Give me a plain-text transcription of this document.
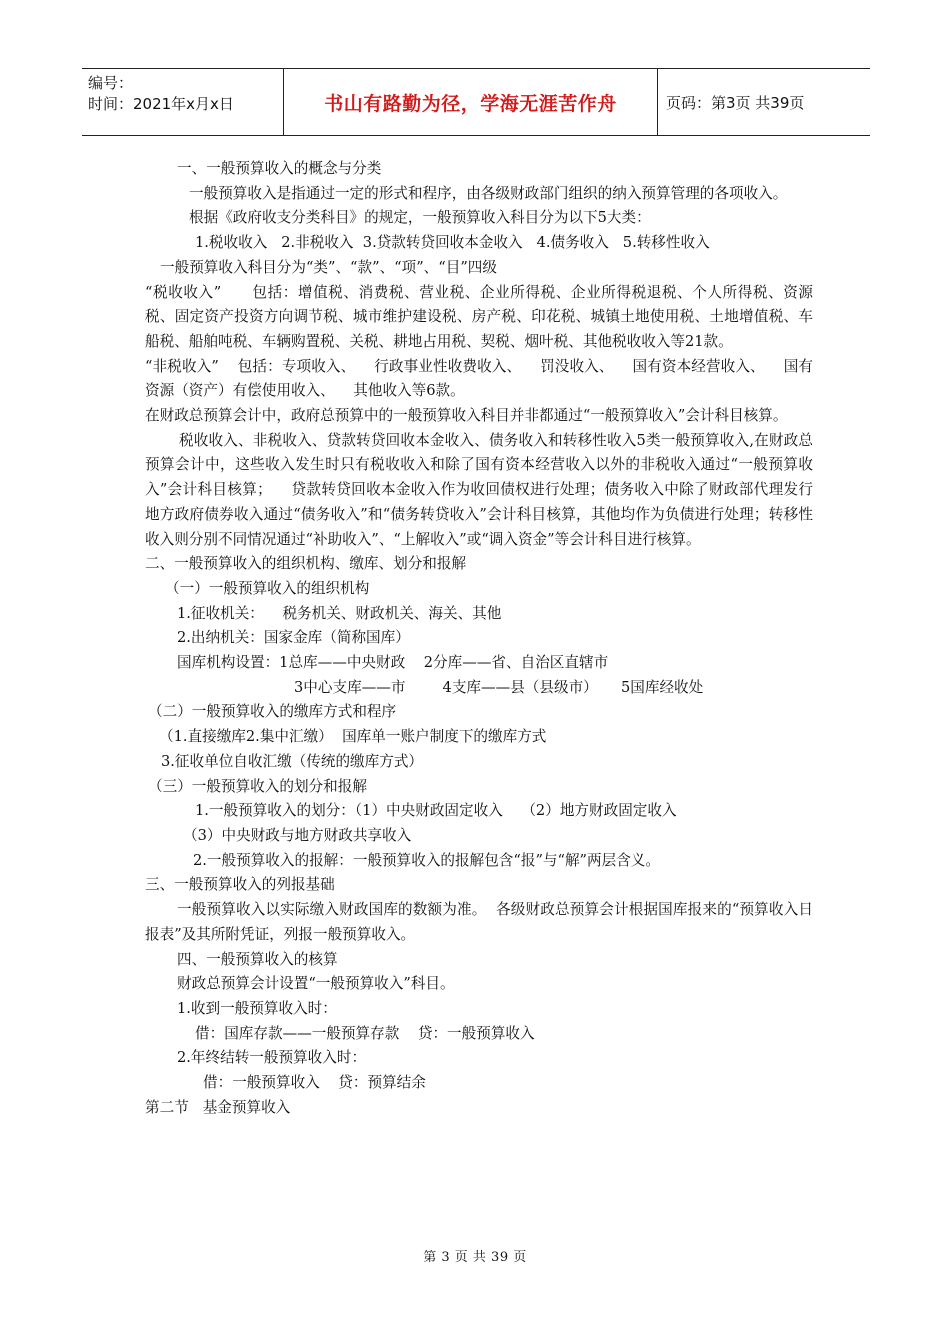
编号：
时间：2021年x月x日	书山有路勤为径，学海无涯苦作舟	页码：第3页 共39页

一、一般预算收入的概念与分类

一般预算收入是指通过一定的形式和程序，由各级财政部门组织的纳入预算管理的各项收入。

根据《政府收支分类科目》的规定，一般预算收入科目分为以下5大类：

1.税收收入   2.非税收入  3.贷款转贷回收本金收入   4.债务收入   5.转移性收入

一般预算收入科目分为“类”、“款”、“项”、“目”四级

“税收收入”      包括：增值税、消费税、营业税、企业所得税、企业所得税退税、个人所得税、资源税、固定资产投资方向调节税、城市维护建设税、房产税、印花税、城镇土地使用税、土地增值税、车船税、船舶吨税、车辆购置税、关税、耕地占用税、契税、烟叶税、其他税收收入等21款。

“非税收入”    包括：专项收入、    行政事业性收费收入、    罚没收入、    国有资本经营收入、    国有资源（资产）有偿使用收入、    其他收入等6款。

在财政总预算会计中，政府总预算中的一般预算收入科目并非都通过“一般预算收入”会计科目核算。

税收收入、非税收入、贷款转贷回收本金收入、债务收入和转移性收入5类一般预算收入,在财政总预算会计中，这些收入发生时只有税收收入和除了国有资本经营收入以外的非税收入通过“一般预算收入”会计科目核算；    贷款转贷回收本金收入作为收回债权进行处理；债务收入中除了财政部代理发行地方政府债券收入通过“债务收入”和“债务转贷收入”会计科目核算，其他均作为负债进行处理；转移性收入则分别不同情况通过“补助收入”、“上解收入”或“调入资金”等会计科目进行核算。

二、一般预算收入的组织机构、缴库、划分和报解

（一）一般预算收入的组织机构

1.征收机关：    税务机关、财政机关、海关、其他

2.出纳机关：国家金库（简称国库）

国库机构设置：1总库——中央财政    2分库——省、自治区直辖市

3中心支库——市        4支库——县（县级市）     5国库经收处

（二）一般预算收入的缴库方式和程序

（1.直接缴库2.集中汇缴）  国库单一账户制度下的缴库方式

3.征收单位自收汇缴（传统的缴库方式）

（三）一般预算收入的划分和报解

1.一般预算收入的划分：（1）中央财政固定收入    （2）地方财政固定收入

（3）中央财政与地方财政共享收入

2.一般预算收入的报解：一般预算收入的报解包含“报”与“解”两层含义。

三、一般预算收入的列报基础

一般预算收入以实际缴入财政国库的数额为准。  各级财政总预算会计根据国库报来的“预算收入日报表”及其所附凭证，列报一般预算收入。

四、一般预算收入的核算

财政总预算会计设置“一般预算收入”科目。

1.收到一般预算收入时：

借：国库存款——一般预算存款    贷：一般预算收入

2.年终结转一般预算收入时：

借：一般预算收入    贷：预算结余

第二节   基金预算收入

第 3 页 共 39 页
